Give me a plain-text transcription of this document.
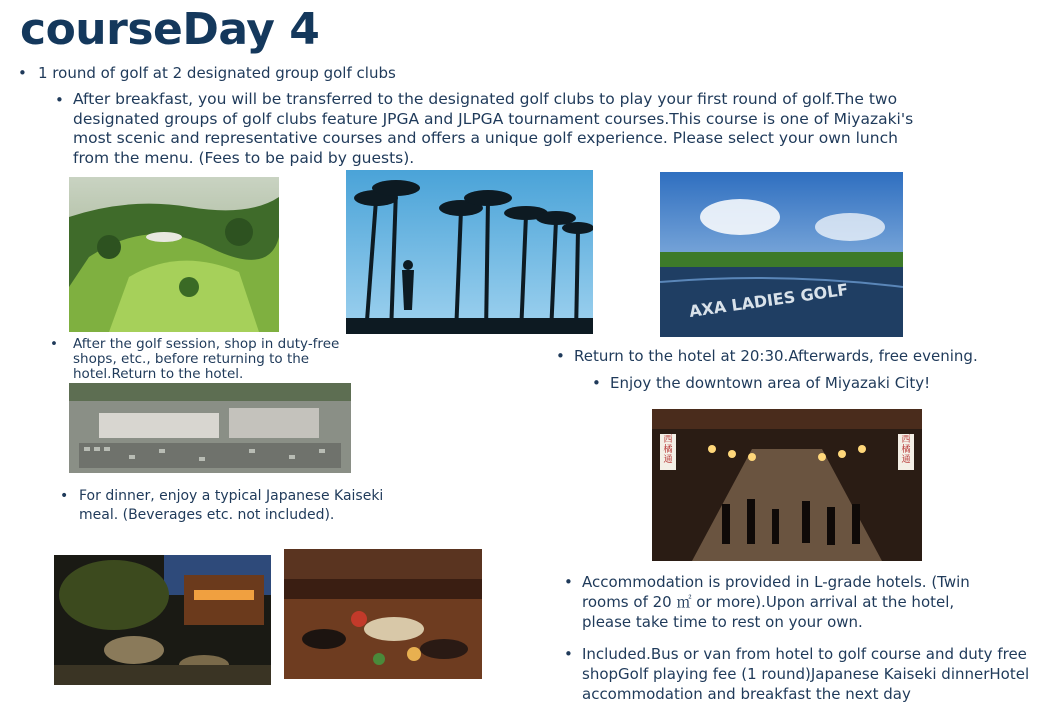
courseDay 4
• 1 round of golf at 2 designated group golf clubs
• After breakfast, you will be transferred to the designated golf clubs to play your first round of golf.The two designated groups of golf clubs feature JPGA and JLPGA tournament courses.This course is one of Miyazaki's most scenic and representative courses and offers a unique golf experience. Please select your own lunch from the menu. (Fees to be paid by guests).
AXA LADIES GOLF
•	After the golf session, shop in duty-free shops, etc., before returning to the hotel.Return to the hotel.
• For dinner, enjoy a typical Japanese Kaiseki meal. (Beverages etc. not included).
• Return to the hotel at 20:30.Afterwards, free evening.
• Enjoy the downtown area of Miyazaki City!
西橘通
西橘通
• Accommodation is provided in L-grade hotels. (Twin rooms of 20 ㎡ or more).Upon arrival at the hotel, please take time to rest on your own.
• Included.Bus or van from hotel to golf course and duty free shopGolf playing fee (1 round)Japanese Kaiseki dinnerHotel accommodation and breakfast the next day
